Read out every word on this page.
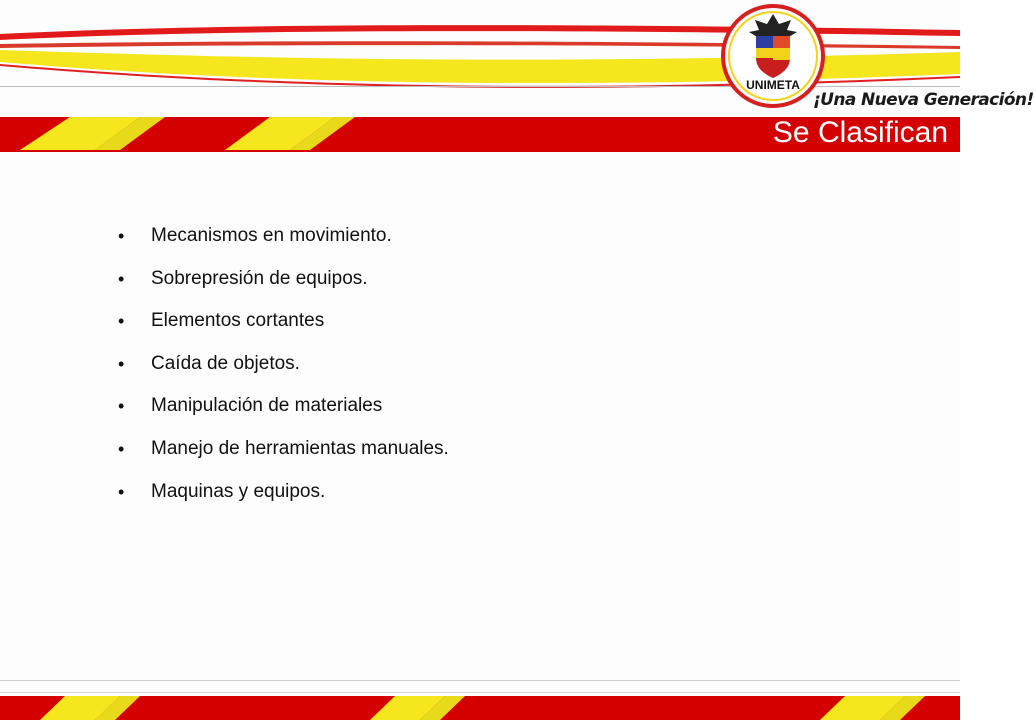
UNIMETA
¡Una Nueva Generación!
Se Clasifican
• Mecanismos en movimiento.
• Sobrepresión de equipos.
• Elementos cortantes
• Caída de objetos.
• Manipulación de materiales
• Manejo de herramientas manuales.
• Maquinas y equipos.
